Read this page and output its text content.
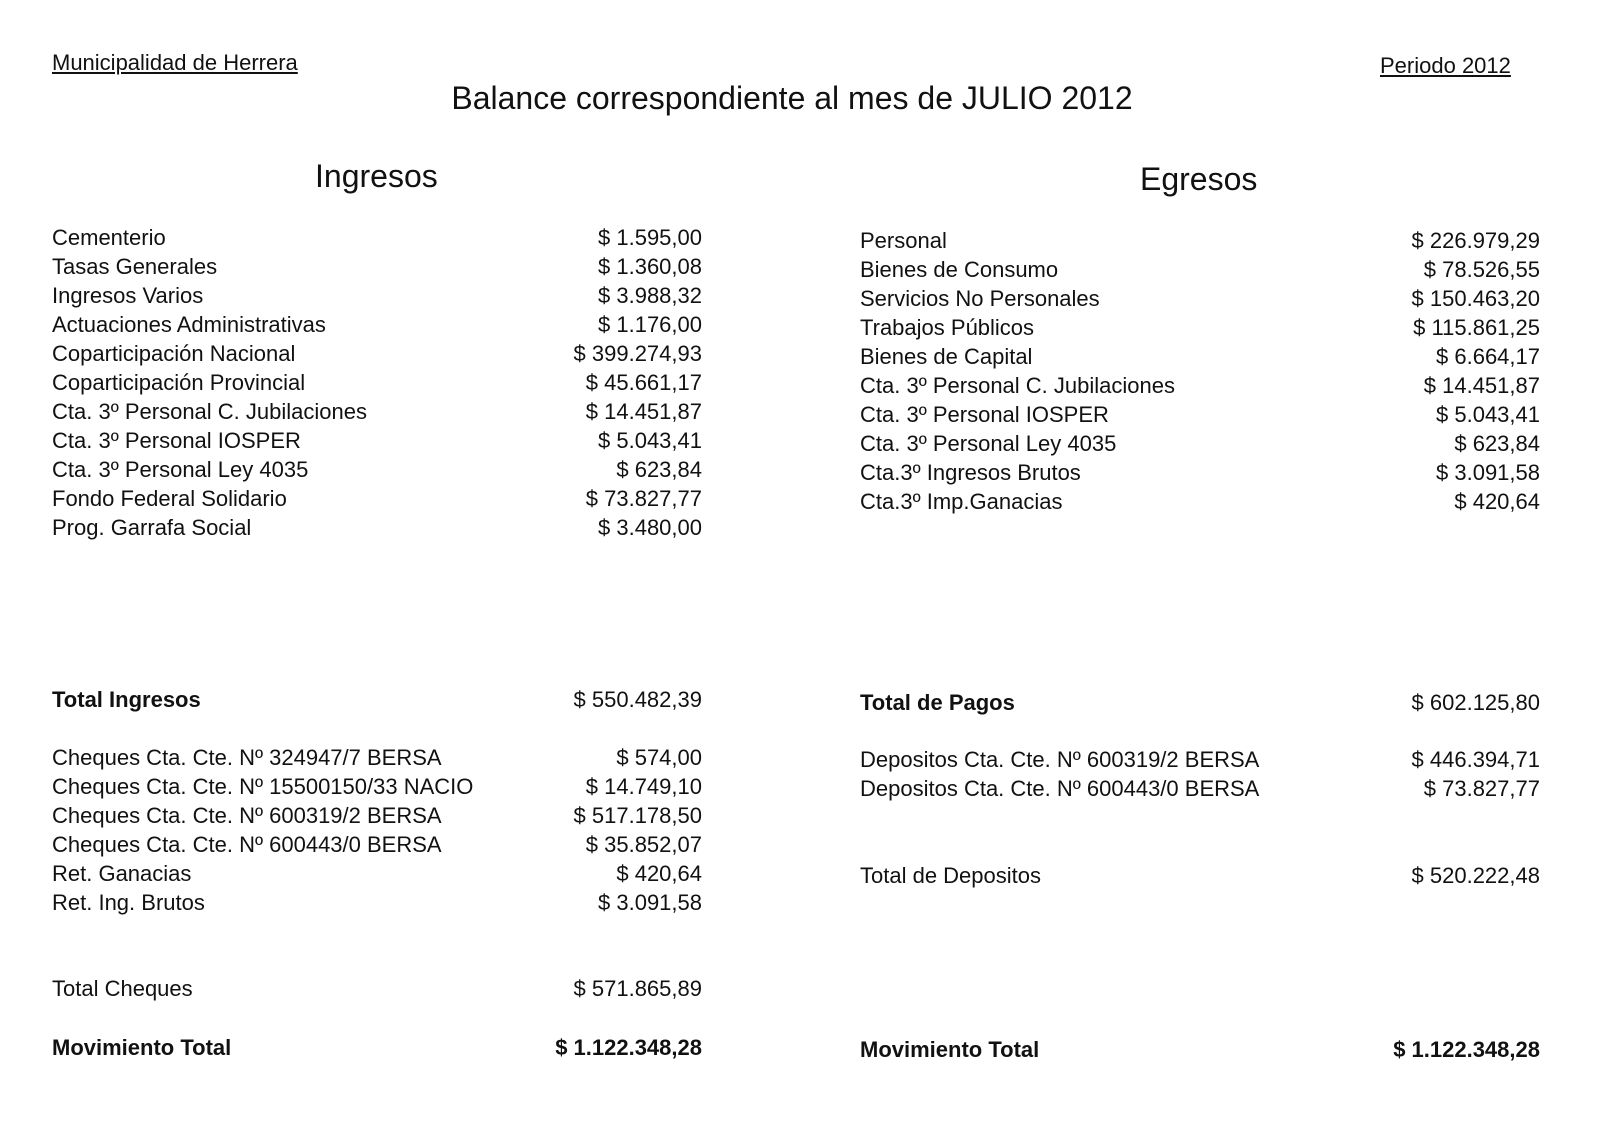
Municipalidad de Herrera	Periodo 2012
Balance correspondiente al mes de JULIO 2012
Ingresos	Egresos
Cementerio	$ 1.595,00
Tasas Generales	$ 1.360,08
Ingresos Varios	$ 3.988,32
Actuaciones Administrativas	$ 1.176,00
Coparticipación Nacional	$ 399.274,93
Coparticipación Provincial	$ 45.661,17
Cta. 3º Personal C. Jubilaciones	$ 14.451,87
Cta. 3º Personal IOSPER	$ 5.043,41
Cta. 3º Personal Ley 4035	$ 623,84
Fondo Federal Solidario	$ 73.827,77
Prog. Garrafa Social	$ 3.480,00
Total Ingresos	$ 550.482,39
Cheques Cta. Cte. Nº 324947/7 BERSA	$ 574,00
Cheques Cta. Cte. Nº 15500150/33 NACIO	$ 14.749,10
Cheques Cta. Cte. Nº 600319/2 BERSA	$ 517.178,50
Cheques Cta. Cte. Nº 600443/0 BERSA	$ 35.852,07
Ret. Ganacias	$ 420,64
Ret. Ing. Brutos	$ 3.091,58
Total Cheques	$ 571.865,89
Movimiento Total	$ 1.122.348,28
Personal	$ 226.979,29
Bienes de Consumo	$ 78.526,55
Servicios No Personales	$ 150.463,20
Trabajos Públicos	$ 115.861,25
Bienes de Capital	$ 6.664,17
Cta. 3º Personal C. Jubilaciones	$ 14.451,87
Cta. 3º Personal IOSPER	$ 5.043,41
Cta. 3º Personal Ley 4035	$ 623,84
Cta.3º Ingresos Brutos	$ 3.091,58
Cta.3º Imp.Ganacias	$ 420,64
Total de Pagos	$ 602.125,80
Depositos Cta. Cte. Nº 600319/2 BERSA	$ 446.394,71
Depositos Cta. Cte. Nº 600443/0 BERSA	$ 73.827,77
Total de Depositos	$ 520.222,48
Movimiento Total	$ 1.122.348,28
